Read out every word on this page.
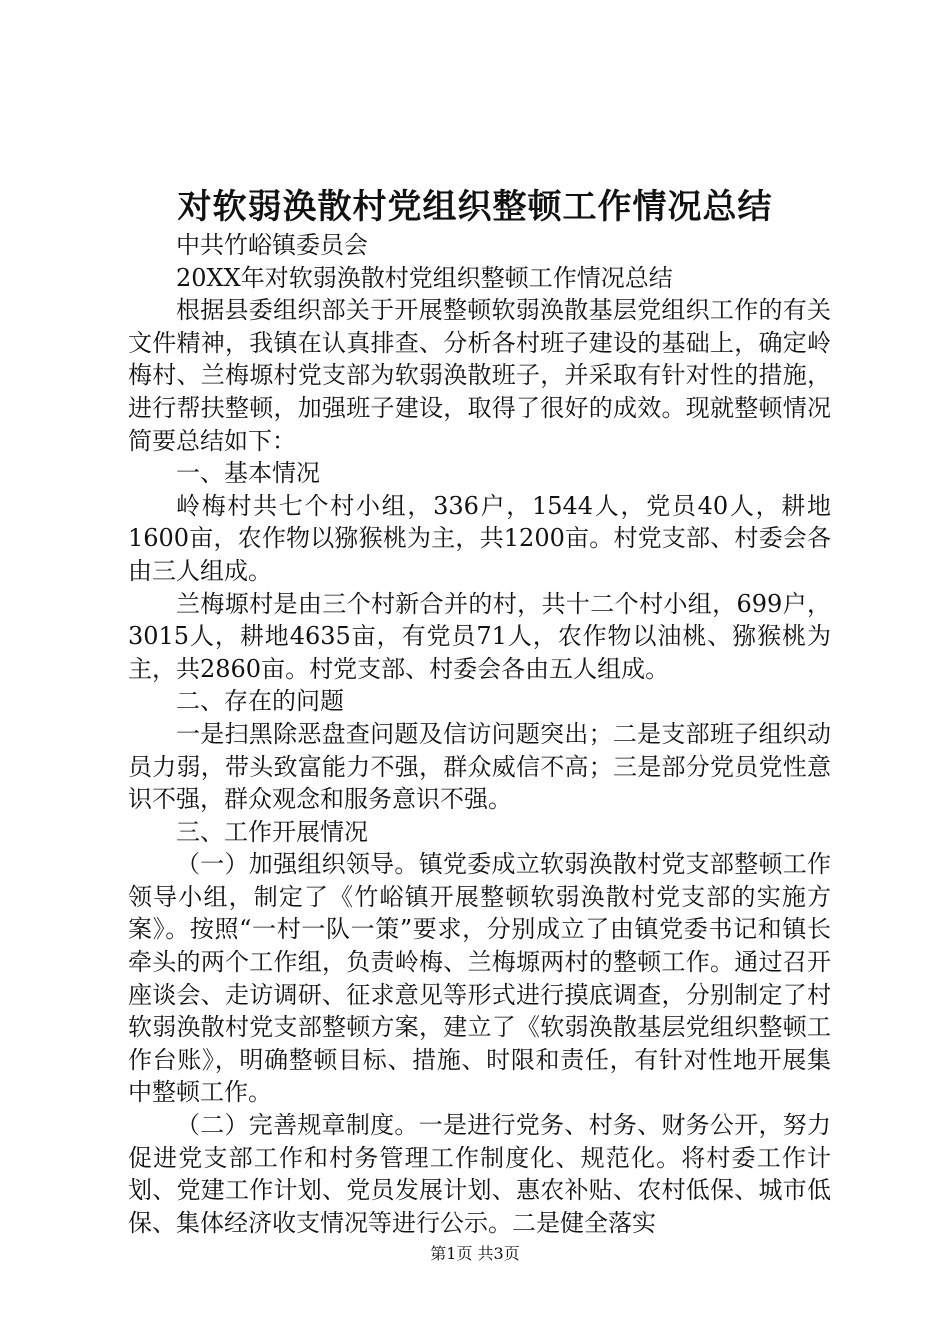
对软弱涣散村党组织整顿工作情况总结

中共竹峪镇委员会

20XX年对软弱涣散村党组织整顿工作情况总结

根据县委组织部关于开展整顿软弱涣散基层党组织工作的有关文件精神，我镇在认真排查、分析各村班子建设的基础上，确定岭梅村、兰梅塬村党支部为软弱涣散班子，并采取有针对性的措施，进行帮扶整顿，加强班子建设，取得了很好的成效。现就整顿情况简要总结如下：

一、基本情况

岭梅村共七个村小组，336户，1544人，党员40人，耕地1600亩，农作物以猕猴桃为主，共1200亩。村党支部、村委会各由三人组成。

兰梅塬村是由三个村新合并的村，共十二个村小组，699户，3015人，耕地4635亩，有党员71人，农作物以油桃、猕猴桃为主，共2860亩。村党支部、村委会各由五人组成。

二、存在的问题

一是扫黑除恶盘查问题及信访问题突出；二是支部班子组织动员力弱，带头致富能力不强，群众威信不高；三是部分党员党性意识不强，群众观念和服务意识不强。

三、工作开展情况

（一）加强组织领导。镇党委成立软弱涣散村党支部整顿工作领导小组，制定了《竹峪镇开展整顿软弱涣散村党支部的实施方案》。按照“一村一队一策”要求，分别成立了由镇党委书记和镇长牵头的两个工作组，负责岭梅、兰梅塬两村的整顿工作。通过召开座谈会、走访调研、征求意见等形式进行摸底调查，分别制定了村软弱涣散村党支部整顿方案，建立了《软弱涣散基层党组织整顿工作台账》，明确整顿目标、措施、时限和责任，有针对性地开展集中整顿工作。

（二）完善规章制度。一是进行党务、村务、财务公开，努力促进党支部工作和村务管理工作制度化、规范化。将村委工作计划、党建工作计划、党员发展计划、惠农补贴、农村低保、城市低保、集体经济收支情况等进行公示。二是健全落实

第1页 共3页
